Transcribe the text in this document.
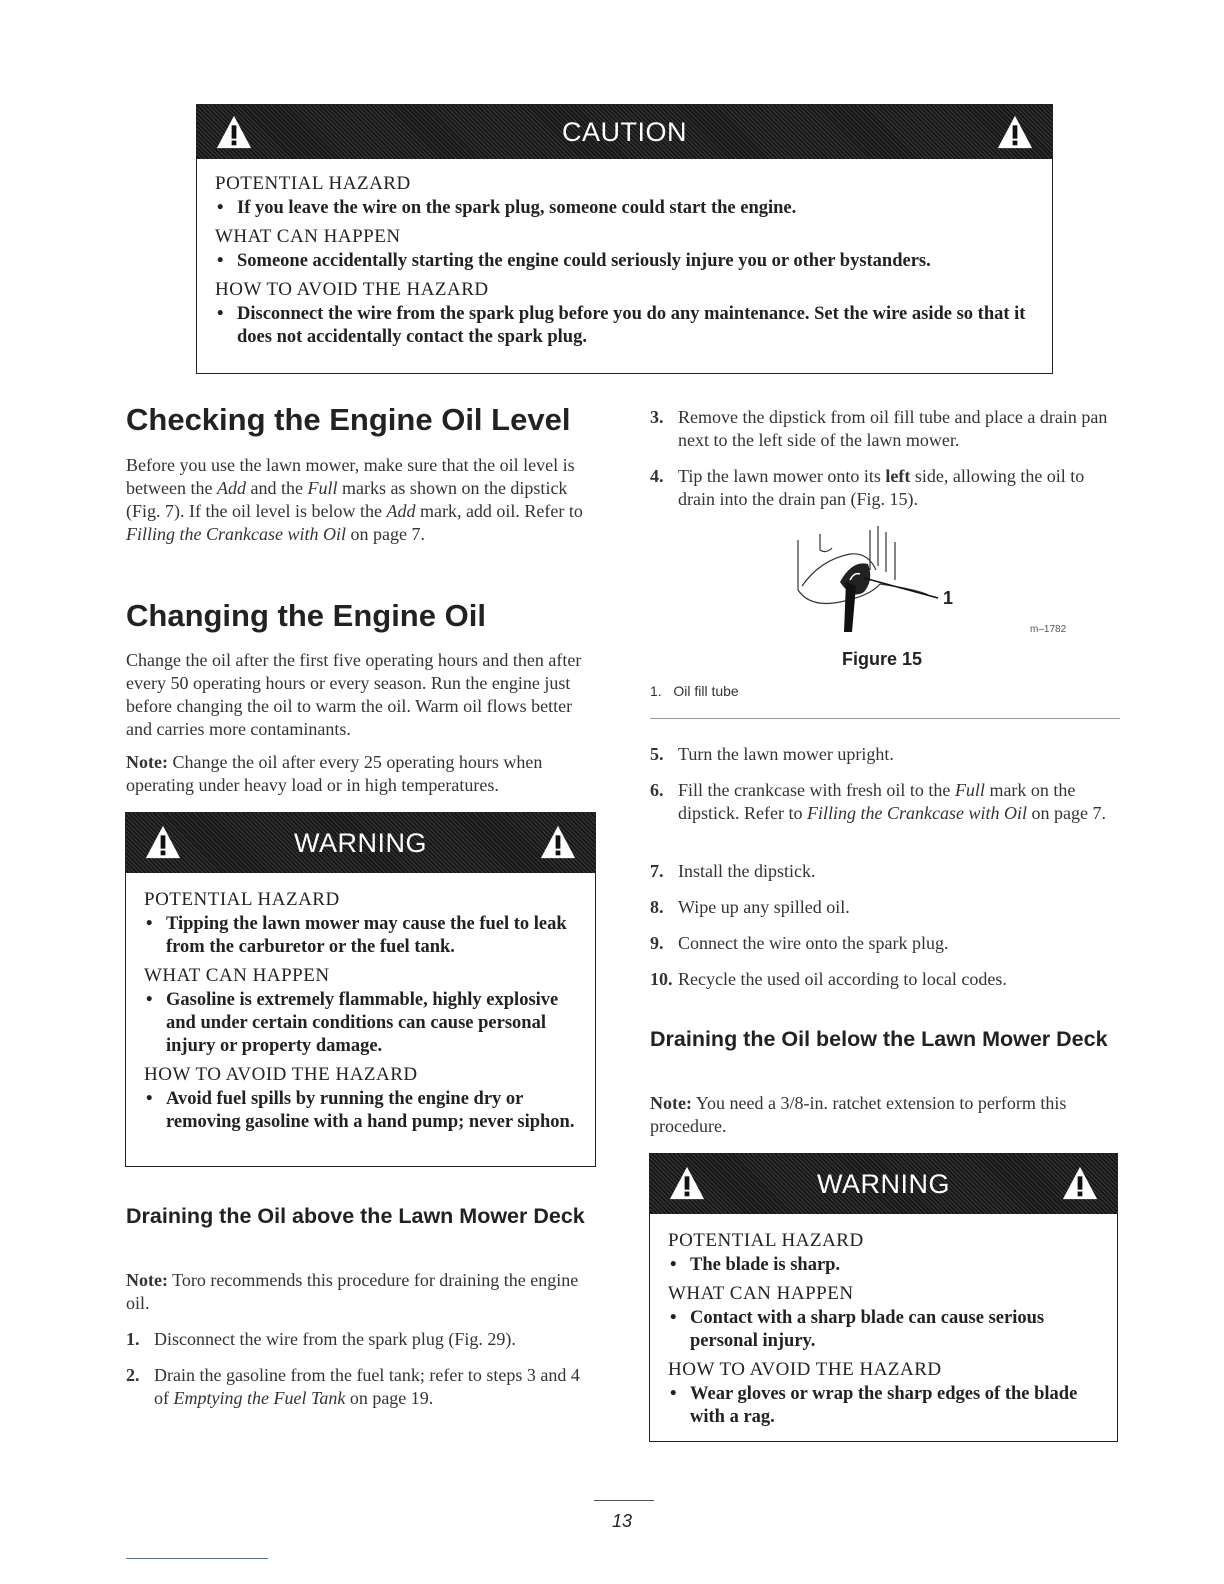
CAUTION
POTENTIAL HAZARD
• If you leave the wire on the spark plug, someone could start the engine.
WHAT CAN HAPPEN
• Someone accidentally starting the engine could seriously injure you or other bystanders.
HOW TO AVOID THE HAZARD
• Disconnect the wire from the spark plug before you do any maintenance. Set the wire aside so that it does not accidentally contact the spark plug.
Checking the Engine Oil Level
Before you use the lawn mower, make sure that the oil level is between the Add and the Full marks as shown on the dipstick (Fig. 7). If the oil level is below the Add mark, add oil. Refer to Filling the Crankcase with Oil on page 7.
Changing the Engine Oil
Change the oil after the first five operating hours and then after every 50 operating hours or every season. Run the engine just before changing the oil to warm the oil. Warm oil flows better and carries more contaminants.
Note: Change the oil after every 25 operating hours when operating under heavy load or in high temperatures.
WARNING
POTENTIAL HAZARD
• Tipping the lawn mower may cause the fuel to leak from the carburetor or the fuel tank.
WHAT CAN HAPPEN
• Gasoline is extremely flammable, highly explosive and under certain conditions can cause personal injury or property damage.
HOW TO AVOID THE HAZARD
• Avoid fuel spills by running the engine dry or removing gasoline with a hand pump; never siphon.
Draining the Oil above the Lawn Mower Deck
Note: Toro recommends this procedure for draining the engine oil.
1. Disconnect the wire from the spark plug (Fig. 29).
2. Drain the gasoline from the fuel tank; refer to steps 3 and 4 of Emptying the Fuel Tank on page 19.
3. Remove the dipstick from oil fill tube and place a drain pan next to the left side of the lawn mower.
4. Tip the lawn mower onto its left side, allowing the oil to drain into the drain pan (Fig. 15).
1
m–1782
Figure 15
1.   Oil fill tube
5. Turn the lawn mower upright.
6. Fill the crankcase with fresh oil to the Full mark on the dipstick. Refer to Filling the Crankcase with Oil on page 7.
7. Install the dipstick.
8. Wipe up any spilled oil.
9. Connect the wire onto the spark plug.
10. Recycle the used oil according to local codes.
Draining the Oil below the Lawn Mower Deck
Note: You need a 3/8-in. ratchet extension to perform this procedure.
WARNING
POTENTIAL HAZARD
• The blade is sharp.
WHAT CAN HAPPEN
• Contact with a sharp blade can cause serious personal injury.
HOW TO AVOID THE HAZARD
• Wear gloves or wrap the sharp edges of the blade with a rag.
13
